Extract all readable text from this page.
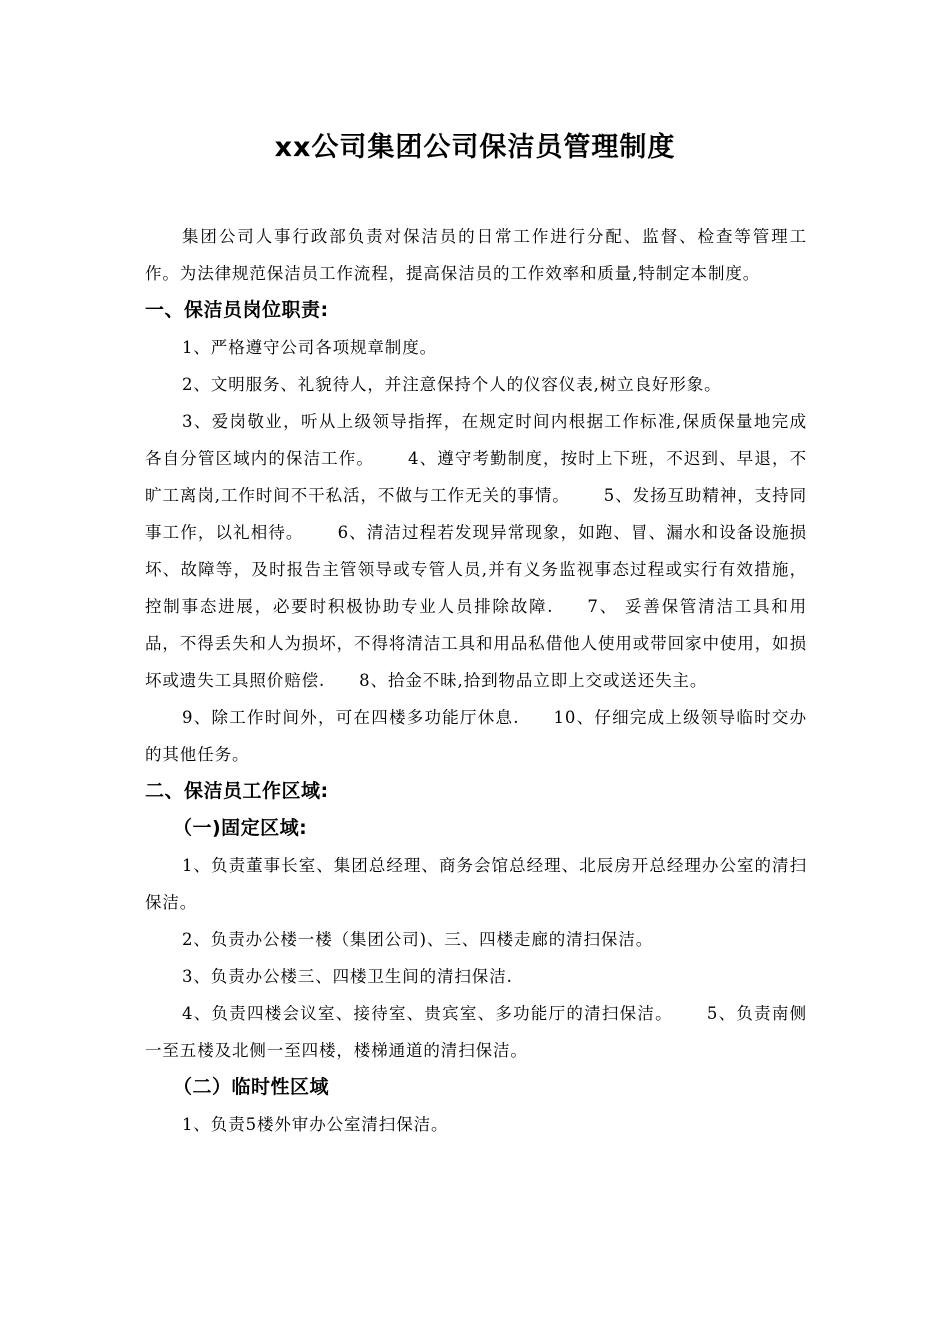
xx公司集团公司保洁员管理制度

集团公司人事行政部负责对保洁员的日常工作进行分配、监督、检查等管理工作。为法律规范保洁员工作流程，提高保洁员的工作效率和质量,特制定本制度。

一、保洁员岗位职责:

1、严格遵守公司各项规章制度。

2、文明服务、礼貌待人，并注意保持个人的仪容仪表,树立良好形象。

3、爱岗敬业，听从上级领导指挥，在规定时间内根据工作标准,保质保量地完成各自分管区域内的保洁工作。 4、遵守考勤制度，按时上下班，不迟到、早退，不旷工离岗,工作时间不干私活，不做与工作无关的事情。 5、发扬互助精神，支持同事工作，以礼相待。 6、清洁过程若发现异常现象，如跑、冒、漏水和设备设施损坏、故障等，及时报告主管领导或专管人员,并有义务监视事态过程或实行有效措施，控制事态进展，必要时积极协助专业人员排除故障. 7、 妥善保管清洁工具和用品，不得丢失和人为损坏，不得将清洁工具和用品私借他人使用或带回家中使用，如损坏或遗失工具照价赔偿. 8、拾金不昧,拾到物品立即上交或送还失主。

9、除工作时间外，可在四楼多功能厅休息. 10、仔细完成上级领导临时交办的其他任务。

二、保洁员工作区域:

（一)固定区域:

1、负责董事长室、集团总经理、商务会馆总经理、北辰房开总经理办公室的清扫保洁。

2、负责办公楼一楼（集团公司)、三、四楼走廊的清扫保洁。

3、负责办公楼三、四楼卫生间的清扫保洁.

4、负责四楼会议室、接待室、贵宾室、多功能厅的清扫保洁。 5、负责南侧一至五楼及北侧一至四楼，楼梯通道的清扫保洁。

（二）临时性区域

1、负责5楼外审办公室清扫保洁。
